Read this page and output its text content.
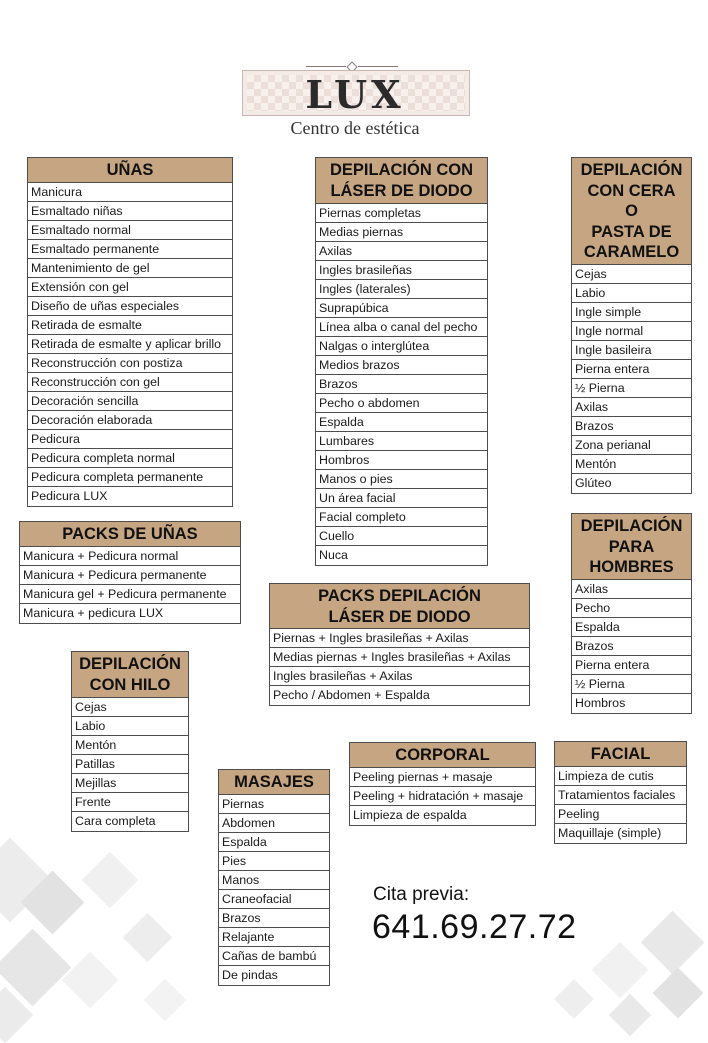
LUX
Centro de estética
UÑAS
Manicura
Esmaltado niñas
Esmaltado normal
Esmaltado permanente
Mantenimiento de gel
Extensión con gel
Diseño de uñas especiales
Retirada de esmalte
Retirada de esmalte y aplicar brillo
Reconstrucción con postiza
Reconstrucción con gel
Decoración sencilla
Decoración elaborada
Pedicura
Pedicura completa normal
Pedicura completa permanente
Pedicura LUX
DEPILACIÓN CON
LÁSER DE DIODO
Piernas completas
Medias piernas
Axilas
Ingles brasileñas
Ingles (laterales)
Suprapúbica
Línea alba o canal del pecho
Nalgas o interglútea
Medios brazos
Brazos
Pecho o abdomen
Espalda
Lumbares
Hombros
Manos o pies
Un área facial
Facial completo
Cuello
Nuca
DEPILACIÓN
CON CERA
O
PASTA DE
CARAMELO
Cejas
Labio
Ingle simple
Ingle normal
Ingle basileira
Pierna entera
½ Pierna
Axilas
Brazos
Zona perianal
Mentón
Glúteo
PACKS DE UÑAS
Manicura + Pedicura normal
Manicura + Pedicura permanente
Manicura gel + Pedicura permanente
Manicura + pedicura LUX
DEPILACIÓN
PARA
HOMBRES
Axilas
Pecho
Espalda
Brazos
Pierna entera
½ Pierna
Hombros
PACKS DEPILACIÓN
LÁSER DE DIODO
Piernas + Ingles brasileñas + Axilas
Medias piernas + Ingles brasileñas + Axilas
Ingles brasileñas + Axilas
Pecho / Abdomen + Espalda
DEPILACIÓN
CON HILO
Cejas
Labio
Mentón
Patillas
Mejillas
Frente
Cara completa
CORPORAL
Peeling piernas + masaje
Peeling + hidratación + masaje
Limpieza de espalda
FACIAL
Limpieza de cutis
Tratamientos faciales
Peeling
Maquillaje (simple)
MASAJES
Piernas
Abdomen
Espalda
Pies
Manos
Craneofacial
Brazos
Relajante
Cañas de bambú
De pindas
Cita previa:
641.69.27.72
